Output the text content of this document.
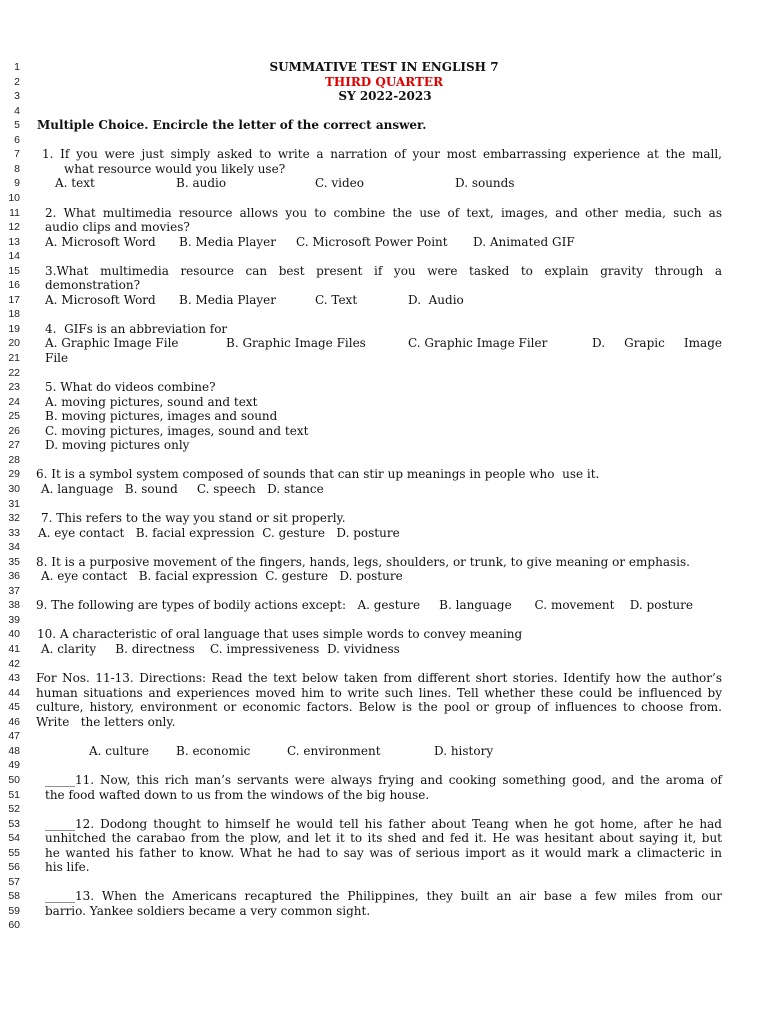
1	SUMMATIVE TEST IN ENGLISH 7
2	THIRD QUARTER
3	SY 2022-2023
4
5 Multiple Choice. Encircle the letter of the correct answer.
6
7 1. If you were just simply asked to write a narration of your most embarrassing experience at the mall,
8	what resource would you likely use?
9	A. text	B. audio	C. video	D. sounds
10
11 2. What multimedia resource allows you to combine the use of text, images, and other media, such as
12 audio clips and movies?
13 A. Microsoft Word B. Media Player C. Microsoft Power Point D. Animated GIF
14
15 3.What multimedia resource can best present if you were tasked to explain gravity through a
16 demonstration?
17 A. Microsoft Word B. Media Player	C. Text	D.  Audio
18
19 4.  GIFs is an abbreviation for
20 A. Graphic Image File	B. Graphic Image Files	C. Graphic Image Filer	D. Grapic Image
21 File
22
23 5. What do videos combine?
24 A. moving pictures, sound and text
25 B. moving pictures, images and sound
26 C. moving pictures, images, sound and text
27 D. moving pictures only
28
29 6. It is a symbol system composed of sounds that can stir up meanings in people who  use it.
30 A. language   B. sound     C. speech   D. stance
31
32 7. This refers to the way you stand or sit properly.
33 A. eye contact   B. facial expression  C. gesture   D. posture
34
35 8. It is a purposive movement of the fingers, hands, legs, shoulders, or trunk, to give meaning or emphasis.
36 A. eye contact   B. facial expression  C. gesture   D. posture
37
38 9. The following are types of bodily actions except:   A. gesture     B. language      C. movement    D. posture
39
40 10. A characteristic of oral language that uses simple words to convey meaning
41 A. clarity     B. directness    C. impressiveness  D. vividness
42
43 For Nos. 11-13. Directions: Read the text below taken from different short stories. Identify how the author’s
44 human situations and experiences moved him to write such lines. Tell whether these could be influenced by
45 culture, history, environment or economic factors. Below is the pool or group of influences to choose from.
46 Write   the letters only.
47
48	A. culture B. economic	C. environment	D. history
49
50 _____11. Now, this rich man’s servants were always frying and cooking something good, and the aroma of
51 the food wafted down to us from the windows of the big house.
52
53 _____12. Dodong thought to himself he would tell his father about Teang when he got home, after he had
54 unhitched the carabao from the plow, and let it to its shed and fed it. He was hesitant about saying it, but
55 he wanted his father to know. What he had to say was of serious import as it would mark a climacteric in
56 his life.
57
58 _____13. When the Americans recaptured the Philippines, they built an air base a few miles from our
59 barrio. Yankee soldiers became a very common sight.
60
